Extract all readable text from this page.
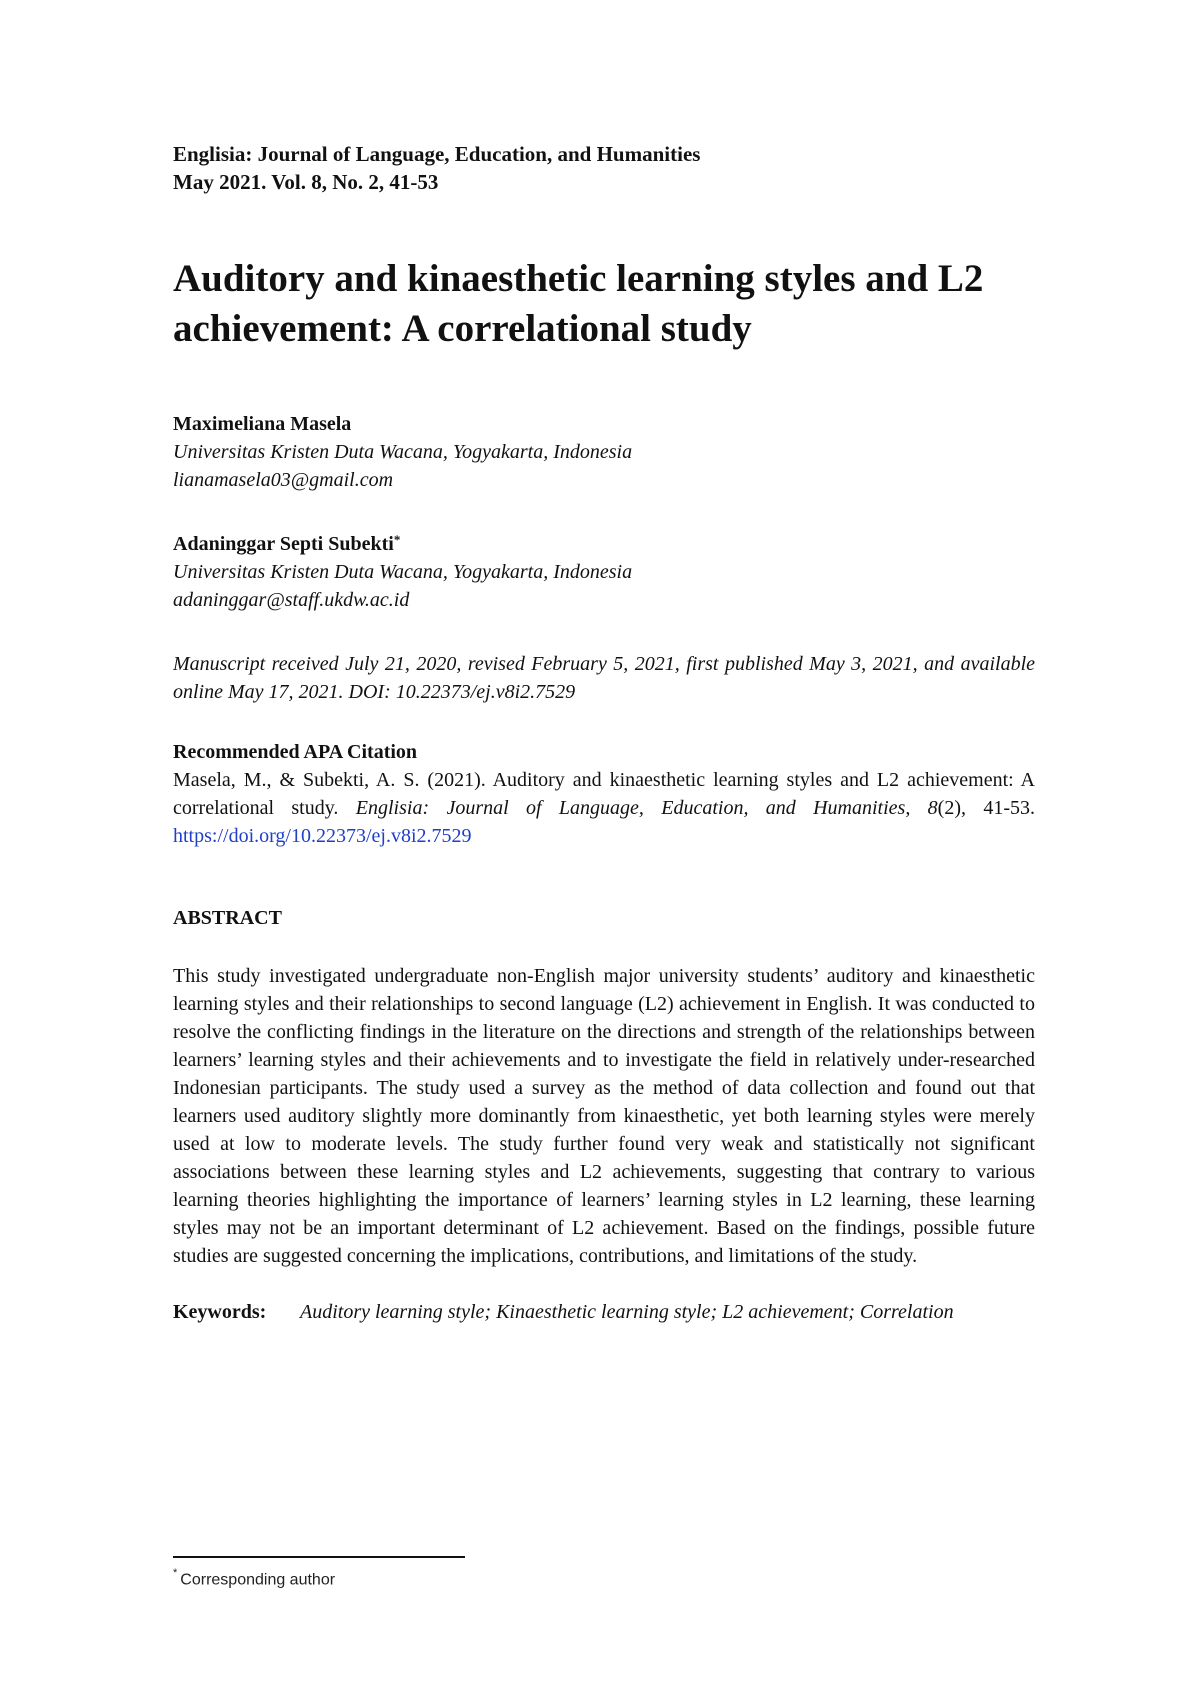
Englisia: Journal of Language, Education, and Humanities

May 2021. Vol. 8, No. 2, 41-53

Auditory and kinaesthetic learning styles and L2 achievement: A correlational study

Maximeliana Masela

Universitas Kristen Duta Wacana, Yogyakarta, Indonesia

lianamasela03@gmail.com

Adaninggar Septi Subekti*

Universitas Kristen Duta Wacana, Yogyakarta, Indonesia

adaninggar@staff.ukdw.ac.id

Manuscript received July 21, 2020, revised February 5, 2021, first published May 3, 2021, and available online May 17, 2021. DOI: 10.22373/ej.v8i2.7529

Recommended APA Citation

Masela, M., & Subekti, A. S. (2021). Auditory and kinaesthetic learning styles and L2 achievement: A correlational study. Englisia: Journal of Language, Education, and Humanities, 8(2), 41-53. https://doi.org/10.22373/ej.v8i2.7529

ABSTRACT

This study investigated undergraduate non-English major university students’ auditory and kinaesthetic learning styles and their relationships to second language (L2) achievement in English. It was conducted to resolve the conflicting findings in the literature on the directions and strength of the relationships between learners’ learning styles and their achievements and to investigate the field in relatively under-researched Indonesian participants. The study used a survey as the method of data collection and found out that learners used auditory slightly more dominantly from kinaesthetic, yet both learning styles were merely used at low to moderate levels. The study further found very weak and statistically not significant associations between these learning styles and L2 achievements, suggesting that contrary to various learning theories highlighting the importance of learners’ learning styles in L2 learning, these learning styles may not be an important determinant of L2 achievement. Based on the findings, possible future studies are suggested concerning the implications, contributions, and limitations of the study.

Keywords:	Auditory learning style; Kinaesthetic learning style; L2 achievement; Correlation
* Corresponding author
